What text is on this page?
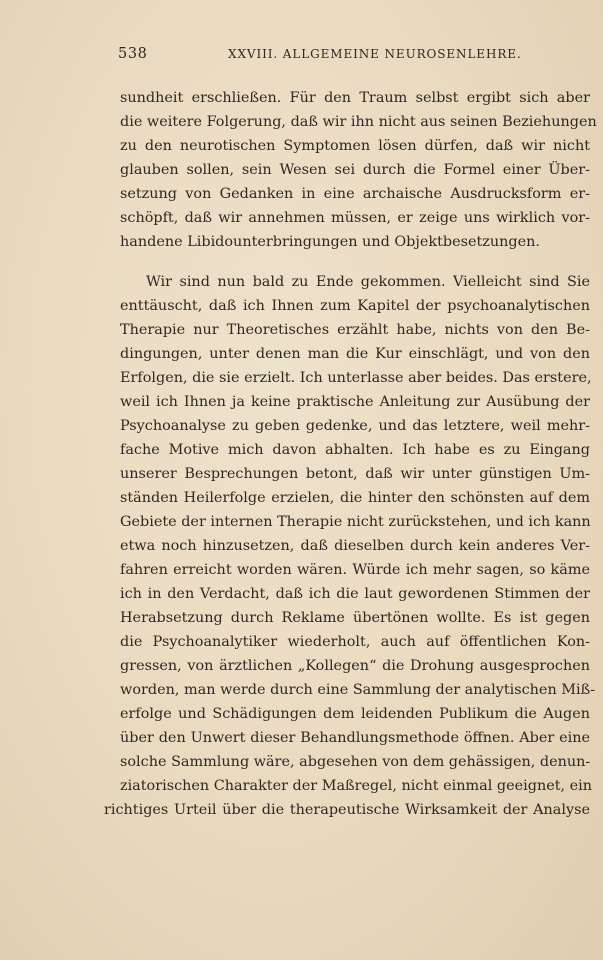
538	XXVIII. ALLGEMEINE NEUROSENLEHRE.
sundheit erschließen. Für den Traum selbst ergibt sich aber
die weitere Folgerung, daß wir ihn nicht aus seinen Beziehungen
zu den neurotischen Symptomen lösen dürfen, daß wir nicht
glauben sollen, sein Wesen sei durch die Formel einer Über-
setzung von Gedanken in eine archaische Ausdrucksform er-
schöpft, daß wir annehmen müssen, er zeige uns wirklich vor-
handene Libidounterbringungen und Objektbesetzungen.
Wir sind nun bald zu Ende gekommen. Vielleicht sind Sie
enttäuscht, daß ich Ihnen zum Kapitel der psychoanalytischen
Therapie nur Theoretisches erzählt habe, nichts von den Be-
dingungen, unter denen man die Kur einschlägt, und von den
Erfolgen, die sie erzielt. Ich unterlasse aber beides. Das erstere,
weil ich Ihnen ja keine praktische Anleitung zur Ausübung der
Psychoanalyse zu geben gedenke, und das letztere, weil mehr-
fache Motive mich davon abhalten. Ich habe es zu Eingang
unserer Besprechungen betont, daß wir unter günstigen Um-
ständen Heilerfolge erzielen, die hinter den schönsten auf dem
Gebiete der internen Therapie nicht zurückstehen, und ich kann
etwa noch hinzusetzen, daß dieselben durch kein anderes Ver-
fahren erreicht worden wären. Würde ich mehr sagen, so käme
ich in den Verdacht, daß ich die laut gewordenen Stimmen der
Herabsetzung durch Reklame übertönen wollte. Es ist gegen
die Psychoanalytiker wiederholt, auch auf öffentlichen Kon-
gressen, von ärztlichen „Kollegen“ die Drohung ausgesprochen
worden, man werde durch eine Sammlung der analytischen Miß-
erfolge und Schädigungen dem leidenden Publikum die Augen
über den Unwert dieser Behandlungsmethode öffnen. Aber eine
solche Sammlung wäre, abgesehen von dem gehässigen, denun-
ziatorischen Charakter der Maßregel, nicht einmal geeignet, ein
richtiges Urteil über die therapeutische Wirksamkeit der Analyse
